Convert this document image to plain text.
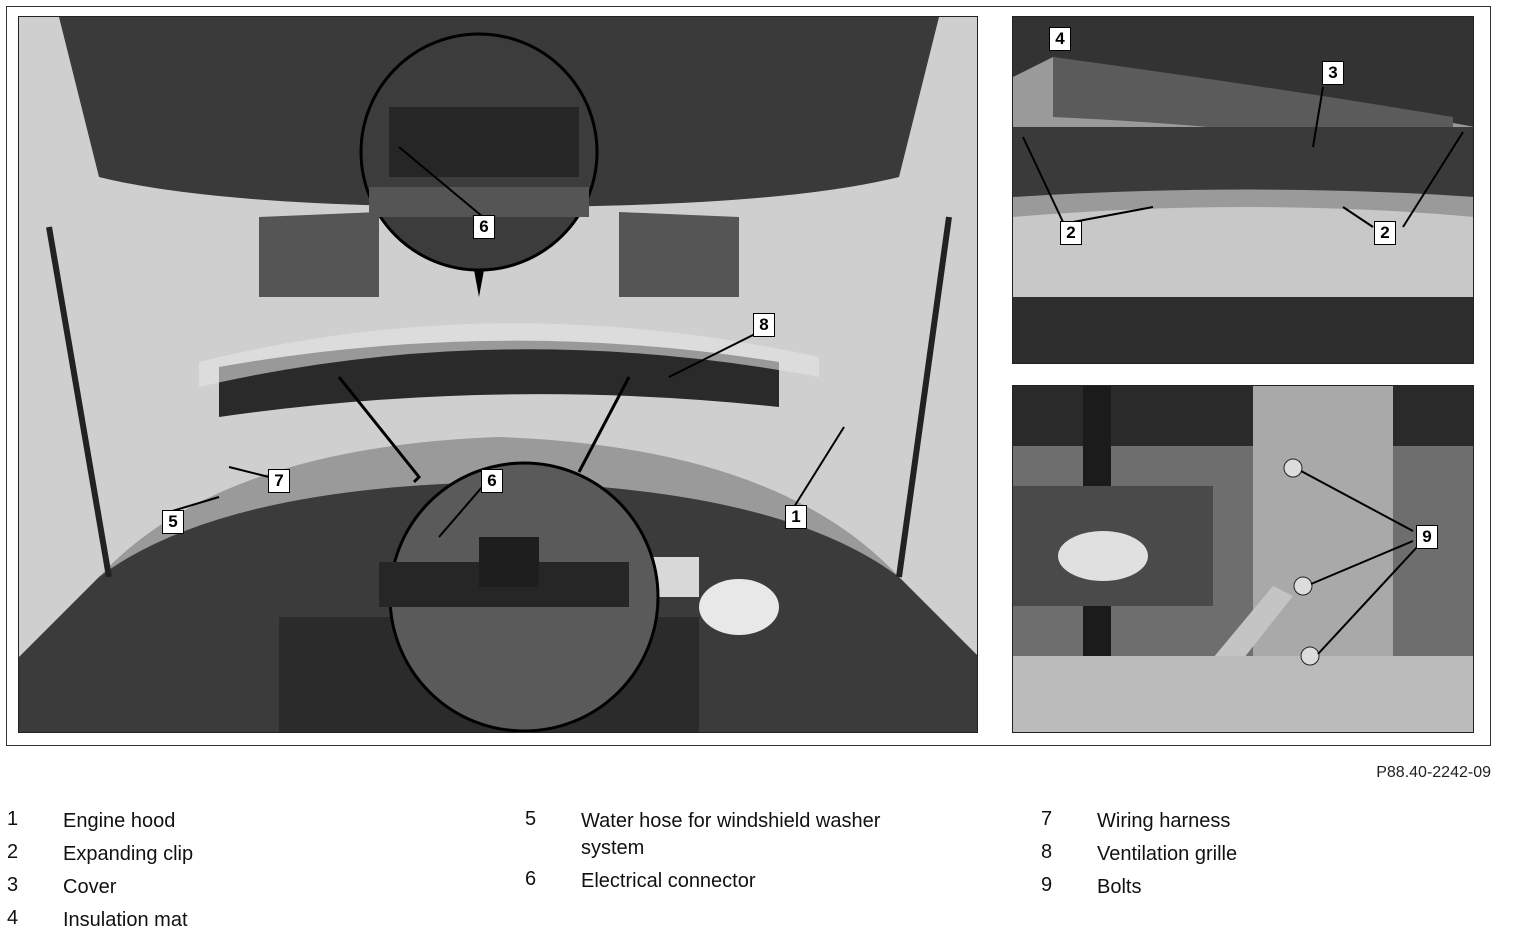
6
8
7	6
5	1
4
3
2	2
9
P88.40-2242-09
1 Engine hood
2 Expanding clip
3 Cover
4 Insulation mat
5 Water hose for windshield washer system
6 Electrical connector
7 Wiring harness
8 Ventilation grille
9 Bolts
